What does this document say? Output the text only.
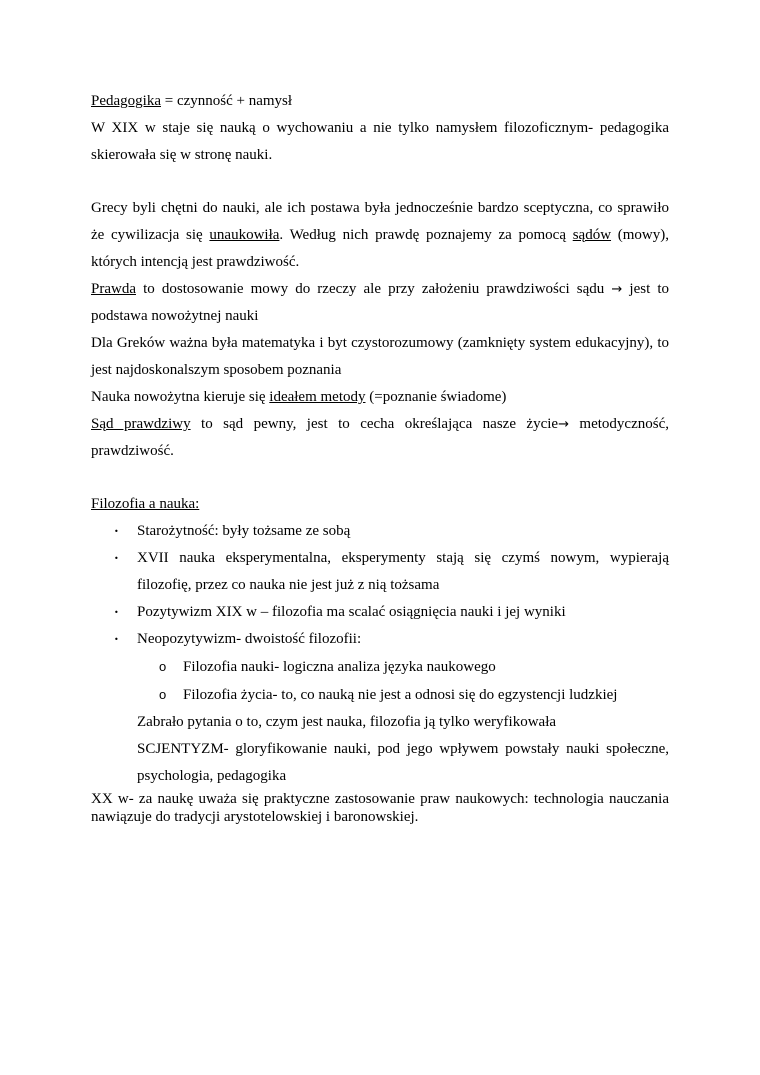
Pedagogika = czynność + namysł

W XIX w staje się nauką o wychowaniu a nie tylko namysłem filozoficznym- pedagogika skierowała się w stronę nauki.

Grecy byli chętni do nauki, ale ich postawa była jednocześnie bardzo sceptyczna, co sprawiło że cywilizacja się unaukowiła. Według nich prawdę poznajemy za pomocą sądów (mowy), których intencją jest prawdziwość.

Prawda to dostosowanie mowy do rzeczy ale przy założeniu prawdziwości sądu → jest to podstawa nowożytnej nauki

Dla Greków ważna była matematyka i byt czystorozumowy (zamknięty system edukacyjny), to jest najdoskonalszym sposobem poznania

Nauka nowożytna kieruje się ideałem metody (=poznanie świadome)

Sąd prawdziwy to sąd pewny, jest to cecha określająca nasze życie→ metodyczność, prawdziwość.

Filozofia a nauka:

• Starożytność: były tożsame ze sobą
• XVII nauka eksperymentalna, eksperymenty stają się czymś nowym, wypierają filozofię, przez co nauka nie jest już z nią tożsama
• Pozytywizm XIX w – filozofia ma scalać osiągnięcia nauki i jej wyniki
• Neopozytywizm- dwoistość filozofii:
o Filozofia nauki- logiczna analiza języka naukowego
o Filozofia życia- to, co nauką nie jest a odnosi się do egzystencji ludzkiej

Zabrało pytania o to, czym jest nauka, filozofia ją tylko weryfikowała

SCJENTYZM- gloryfikowanie nauki, pod jego wpływem powstały nauki społeczne, psychologia, pedagogika

XX w- za naukę uważa się praktyczne zastosowanie praw naukowych: technologia nauczania nawiązuje do tradycji arystotelowskiej i baronowskiej.
